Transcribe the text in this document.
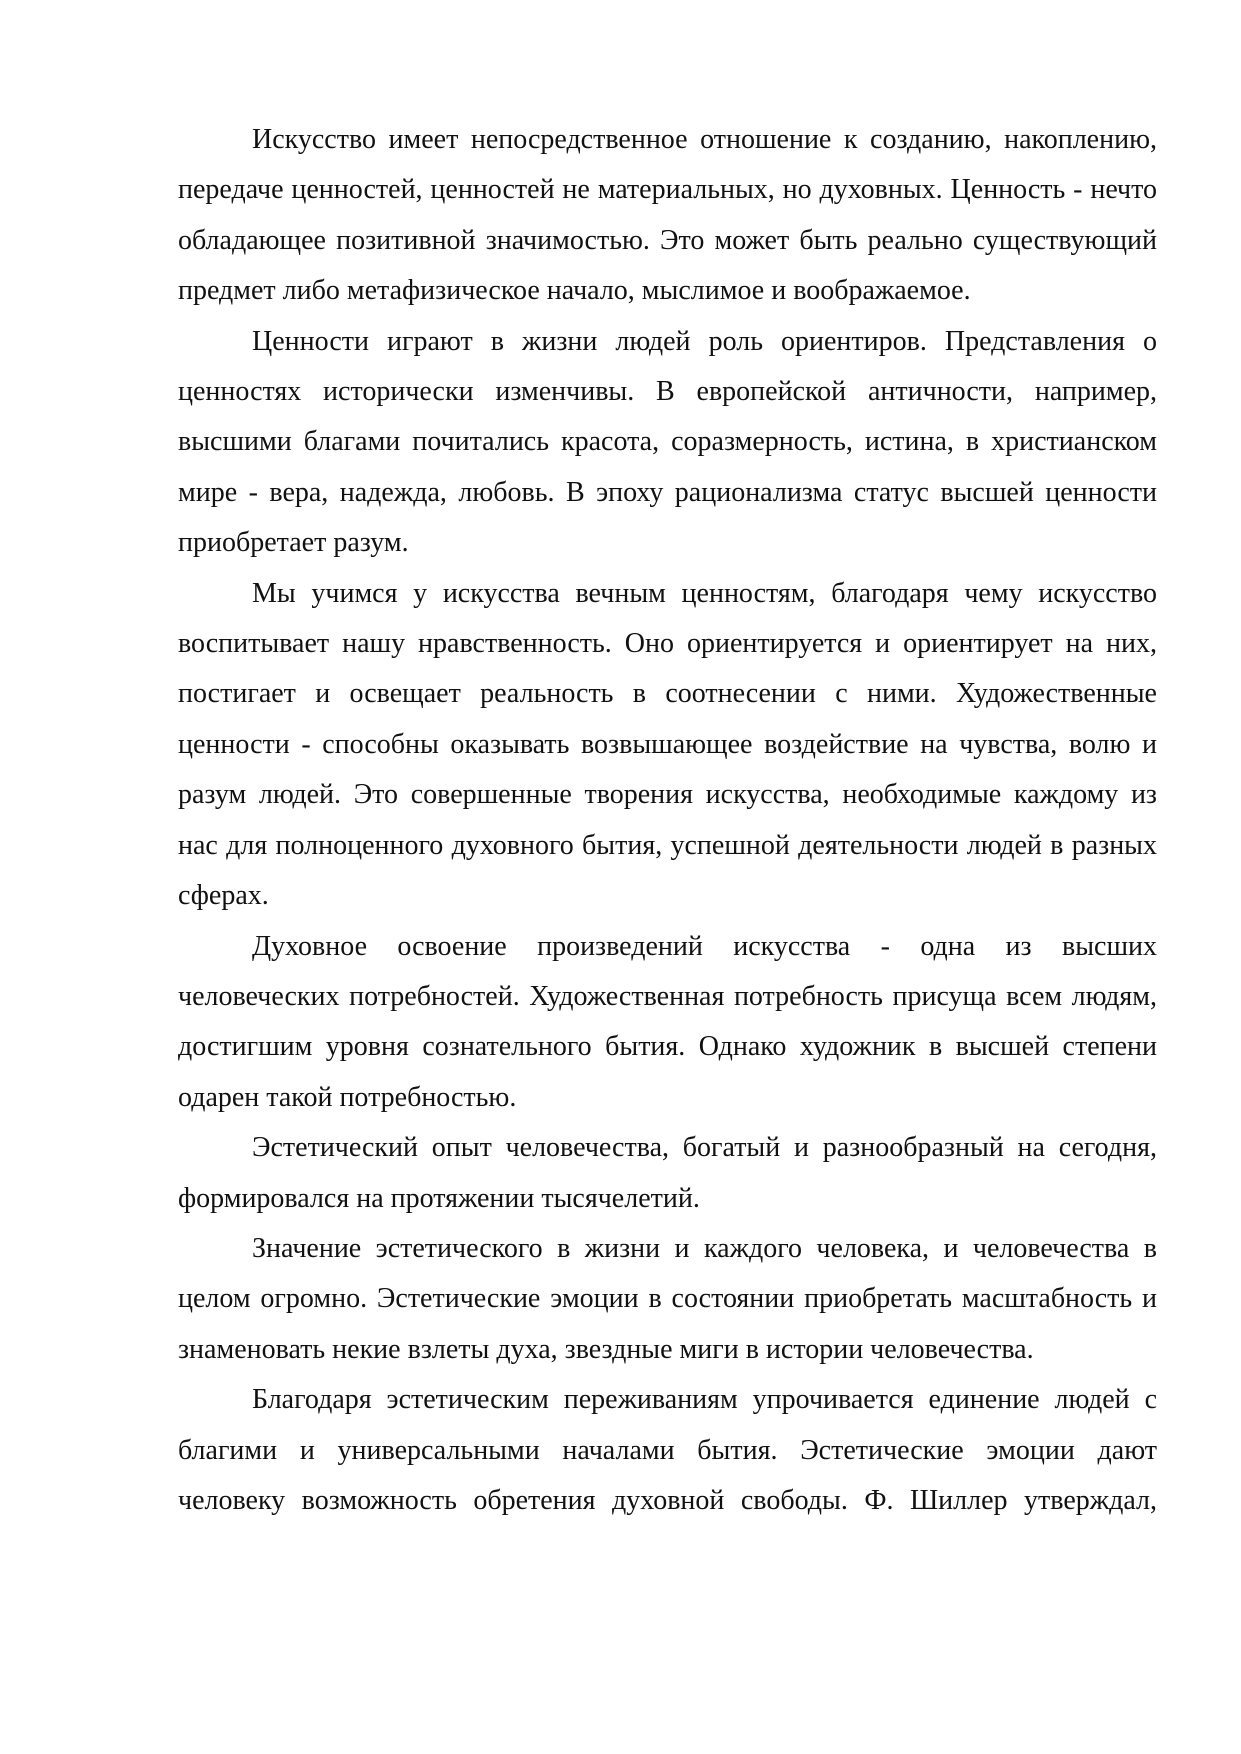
Искусство имеет непосредственное отношение к созданию, накоплению, передаче ценностей, ценностей не материальных, но духовных. Ценность - нечто обладающее позитивной значимостью. Это может быть реально существующий предмет либо метафизическое начало, мыслимое и воображаемое.

Ценности играют в жизни людей роль ориентиров. Представления о ценностях исторически изменчивы. В европейской античности, например, высшими благами почитались красота, соразмерность, истина, в христианском мире - вера, надежда, любовь. В эпоху рационализма статус высшей ценности приобретает разум.

Мы учимся у искусства вечным ценностям, благодаря чему искусство воспитывает нашу нравственность. Оно ориентируется и ориентирует на них, постигает и освещает реальность в соотнесении с ними. Художественные ценности - способны оказывать возвышающее воздействие на чувства, волю и разум людей. Это совершенные творения искусства, необходимые каждому из нас для полноценного духовного бытия, успешной деятельности людей в разных сферах.

Духовное освоение произведений искусства - одна из высших человеческих потребностей. Художественная потребность присуща всем людям, достигшим уровня сознательного бытия. Однако художник в высшей степени одарен такой потребностью.

Эстетический опыт человечества, богатый и разнообразный на сегодня, формировался на протяжении тысячелетий.

Значение эстетического в жизни и каждого человека, и человечества в целом огромно. Эстетические эмоции в состоянии приобретать масштабность и знаменовать некие взлеты духа, звездные миги в истории человечества.

Благодаря эстетическим переживаниям упрочивается единение людей с благими и универсальными началами бытия. Эстетические эмоции дают человеку возможность обретения духовной свободы. Ф. Шиллер утверждал,
